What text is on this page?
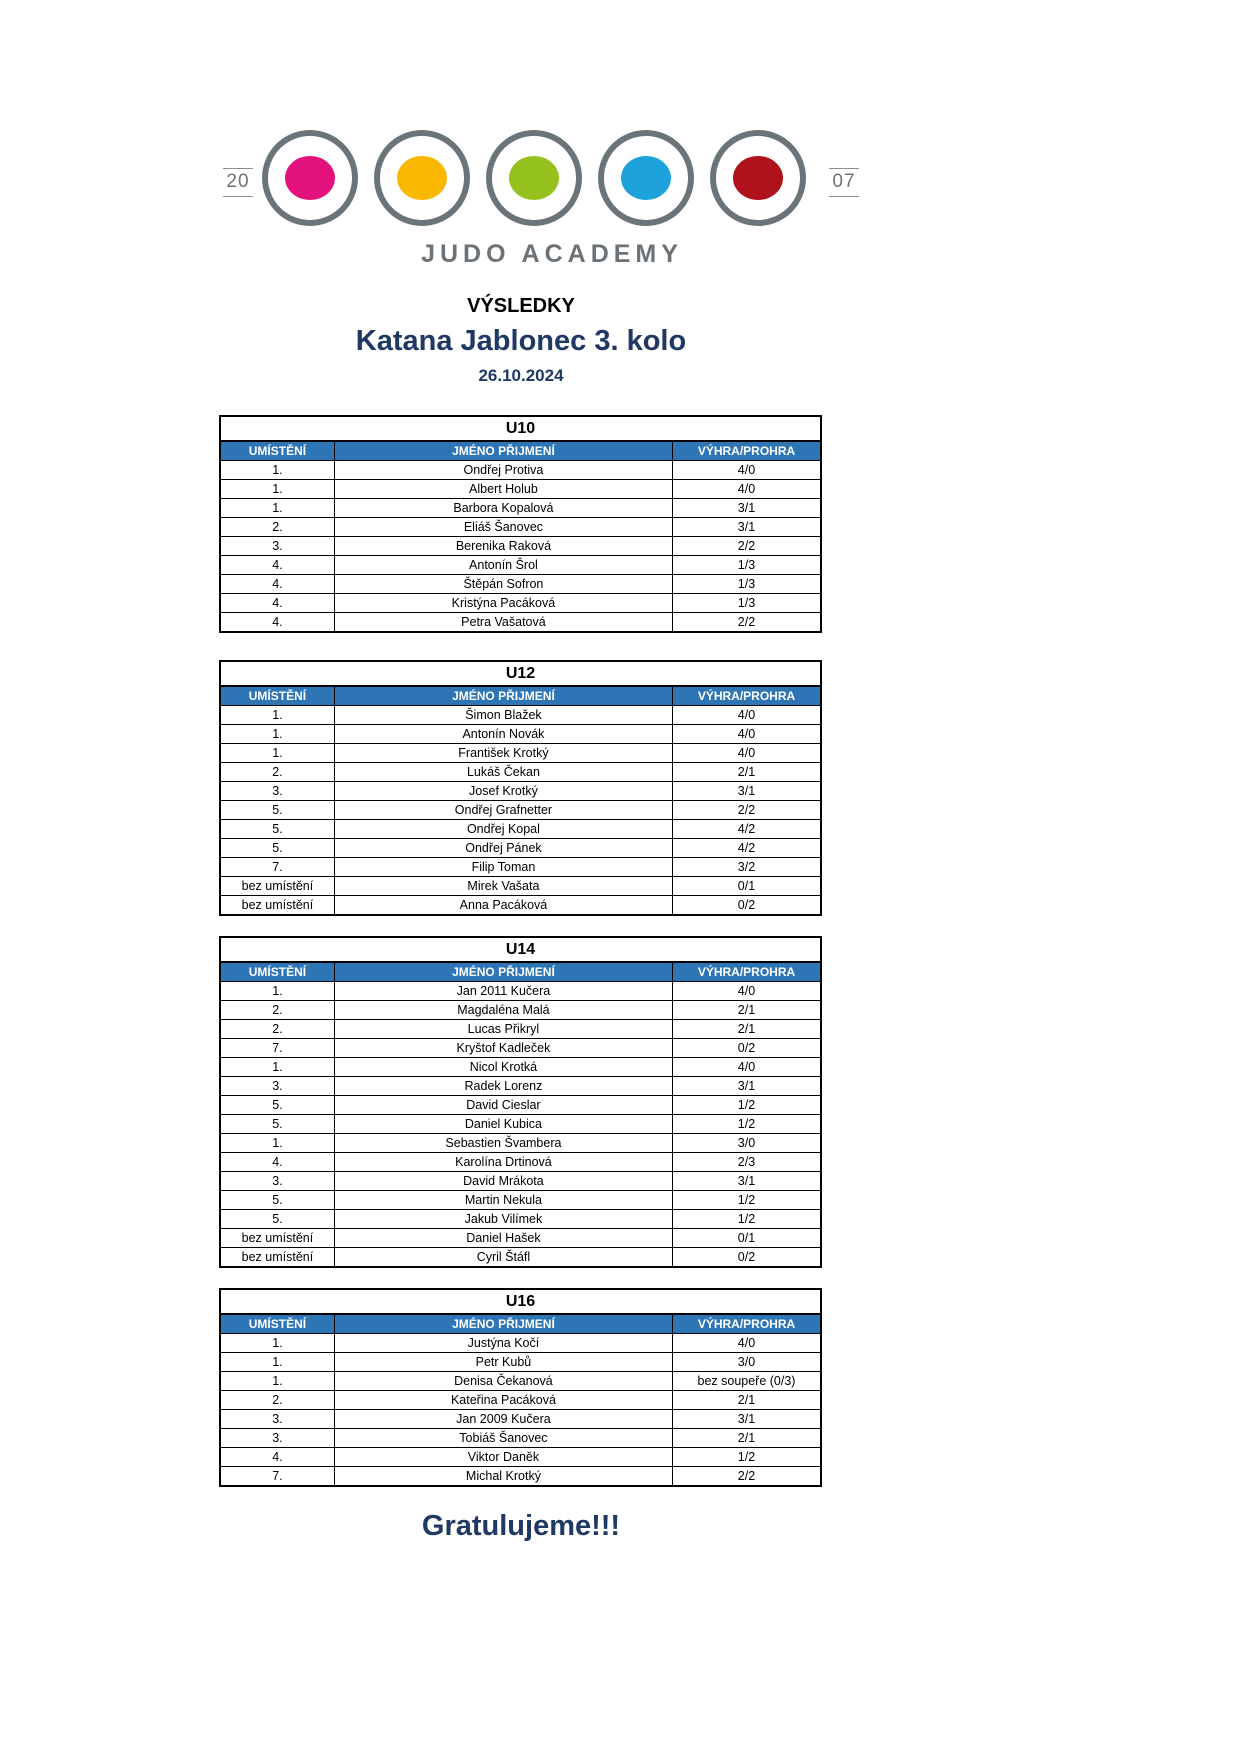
20	07
JUDO ACADEMY
VÝSLEDKY
Katana Jablonec 3. kolo
26.10.2024
U10		
UMÍSTĚNÍ	JMÉNO PŘIJMENÍ	VÝHRA/PROHRA
1.	Ondřej Protiva	4/0
1.	Albert Holub	4/0
1.	Barbora Kopalová	3/1
2.	Eliáš Šanovec	3/1
3.	Berenika Raková	2/2
4.	Antonín Šrol	1/3
4.	Štěpán Sofron	1/3
4.	Kristýna Pacáková	1/3
4.	Petra Vašatová	2/2
U12		
UMÍSTĚNÍ	JMÉNO PŘIJMENÍ	VÝHRA/PROHRA
1.	Šimon Blažek	4/0
1.	Antonín Novák	4/0
1.	František Krotký	4/0
2.	Lukáš Čekan	2/1
3.	Josef Krotký	3/1
5.	Ondřej Grafnetter	2/2
5.	Ondřej Kopal	4/2
5.	Ondřej Pánek	4/2
7.	Filip Toman	3/2
bez umístění	Mirek Vašata	0/1
bez umístění	Anna Pacáková	0/2
U14		
UMÍSTĚNÍ	JMÉNO PŘIJMENÍ	VÝHRA/PROHRA
1.	Jan 2011 Kučera	4/0
2.	Magdaléna Malá	2/1
2.	Lucas Přikryl	2/1
7.	Kryštof Kadleček	0/2
1.	Nicol Krotká	4/0
3.	Radek Lorenz	3/1
5.	David Cieslar	1/2
5.	Daniel Kubica	1/2
1.	Sebastien Švambera	3/0
4.	Karolína Drtinová	2/3
3.	David Mrákota	3/1
5.	Martin Nekula	1/2
5.	Jakub Vilímek	1/2
bez umístění	Daniel Hašek	0/1
bez umístění	Cyril Štáfl	0/2
U16		
UMÍSTĚNÍ	JMÉNO PŘIJMENÍ	VÝHRA/PROHRA
1.	Justýna Kočí	4/0
1.	Petr Kubů	3/0
1.	Denisa Čekanová	bez soupeře (0/3)
2.	Kateřina Pacáková	2/1
3.	Jan 2009 Kučera	3/1
3.	Tobiáš Šanovec	2/1
4.	Viktor Daněk	1/2
7.	Michal Krotký	2/2
Gratulujeme!!!
